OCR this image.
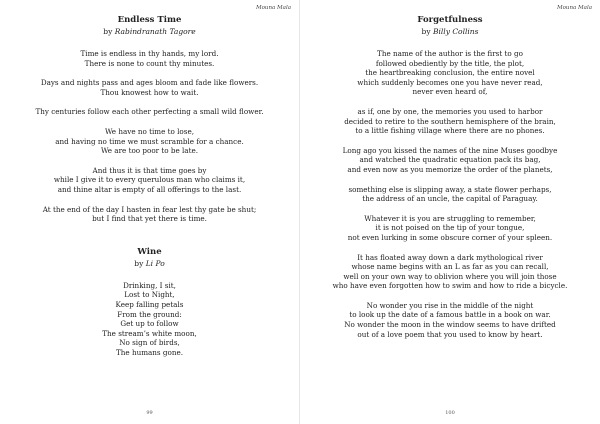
Mouna Mala
Endless Time
by Rabindranath Tagore
Time is endless in thy hands, my lord.
There is none to count thy minutes.
Days and nights pass and ages bloom and fade like flowers.
Thou knowest how to wait.
Thy centuries follow each other perfecting a small wild flower.
We have no time to lose,
and having no time we must scramble for a chance.
We are too poor to be late.
And thus it is that time goes by
while I give it to every querulous man who claims it,
and thine altar is empty of all offerings to the last.
At the end of the day I hasten in fear lest thy gate be shut;
but I find that yet there is time.
Wine
by Li Po
Drinking, I sit,
Lost to Night,
Keep falling petals
From the ground:
Get up to follow
The stream’s white moon,
No sign of birds,
The humans gone.
99
Mouna Mala
Forgetfulness
by Billy Collins
The name of the author is the first to go
followed obediently by the title, the plot,
the heartbreaking conclusion, the entire novel
which suddenly becomes one you have never read,
never even heard of,
as if, one by one, the memories you used to harbor
decided to retire to the southern hemisphere of the brain,
to a little fishing village where there are no phones.
Long ago you kissed the names of the nine Muses goodbye
and watched the quadratic equation pack its bag,
and even now as you memorize the order of the planets,
something else is slipping away, a state flower perhaps,
the address of an uncle, the capital of Paraguay.
Whatever it is you are struggling to remember,
it is not poised on the tip of your tongue,
not even lurking in some obscure corner of your spleen.
It has floated away down a dark mythological river
whose name begins with an L as far as you can recall,
well on your own way to oblivion where you will join those
who have even forgotten how to swim and how to ride a bicycle.
No wonder you rise in the middle of the night
to look up the date of a famous battle in a book on war.
No wonder the moon in the window seems to have drifted
out of a love poem that you used to know by heart.
100
